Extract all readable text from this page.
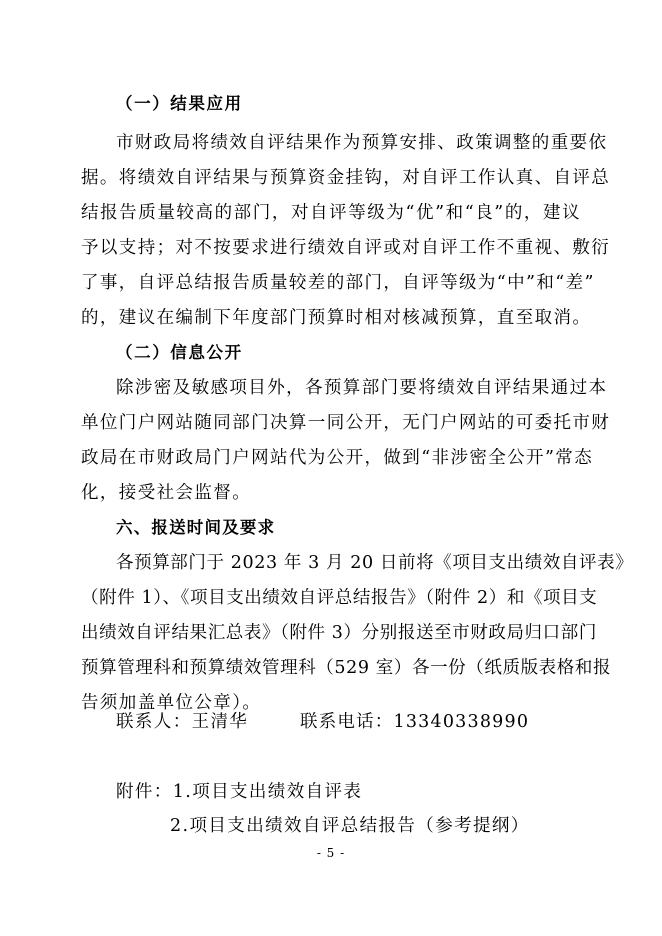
（一）结果应用
市财政局将绩效自评结果作为预算安排、政策调整的重要依
据。将绩效自评结果与预算资金挂钩，对自评工作认真、自评总
结报告质量较高的部门，对自评等级为“优”和“良”的，建议
予以支持；对不按要求进行绩效自评或对自评工作不重视、敷衍
了事，自评总结报告质量较差的部门，自评等级为“中”和“差”
的，建议在编制下年度部门预算时相对核减预算，直至取消。
（二）信息公开
除涉密及敏感项目外，各预算部门要将绩效自评结果通过本
单位门户网站随同部门决算一同公开，无门户网站的可委托市财
政局在市财政局门户网站代为公开，做到“非涉密全公开”常态
化，接受社会监督。
六、报送时间及要求
各预算部门于 2023 年 3 月 20 日前将《项目支出绩效自评表》
（附件 1）、《项目支出绩效自评总结报告》（附件 2）和《项目支
出绩效自评结果汇总表》（附件 3）分别报送至市财政局归口部门
预算管理科和预算绩效管理科（529 室）各一份（纸质版表格和报
告须加盖单位公章）。
联系人：王清华	联系电话：13340338990
附件：1.项目支出绩效自评表
2.项目支出绩效自评总结报告（参考提纲）
- 5 -
